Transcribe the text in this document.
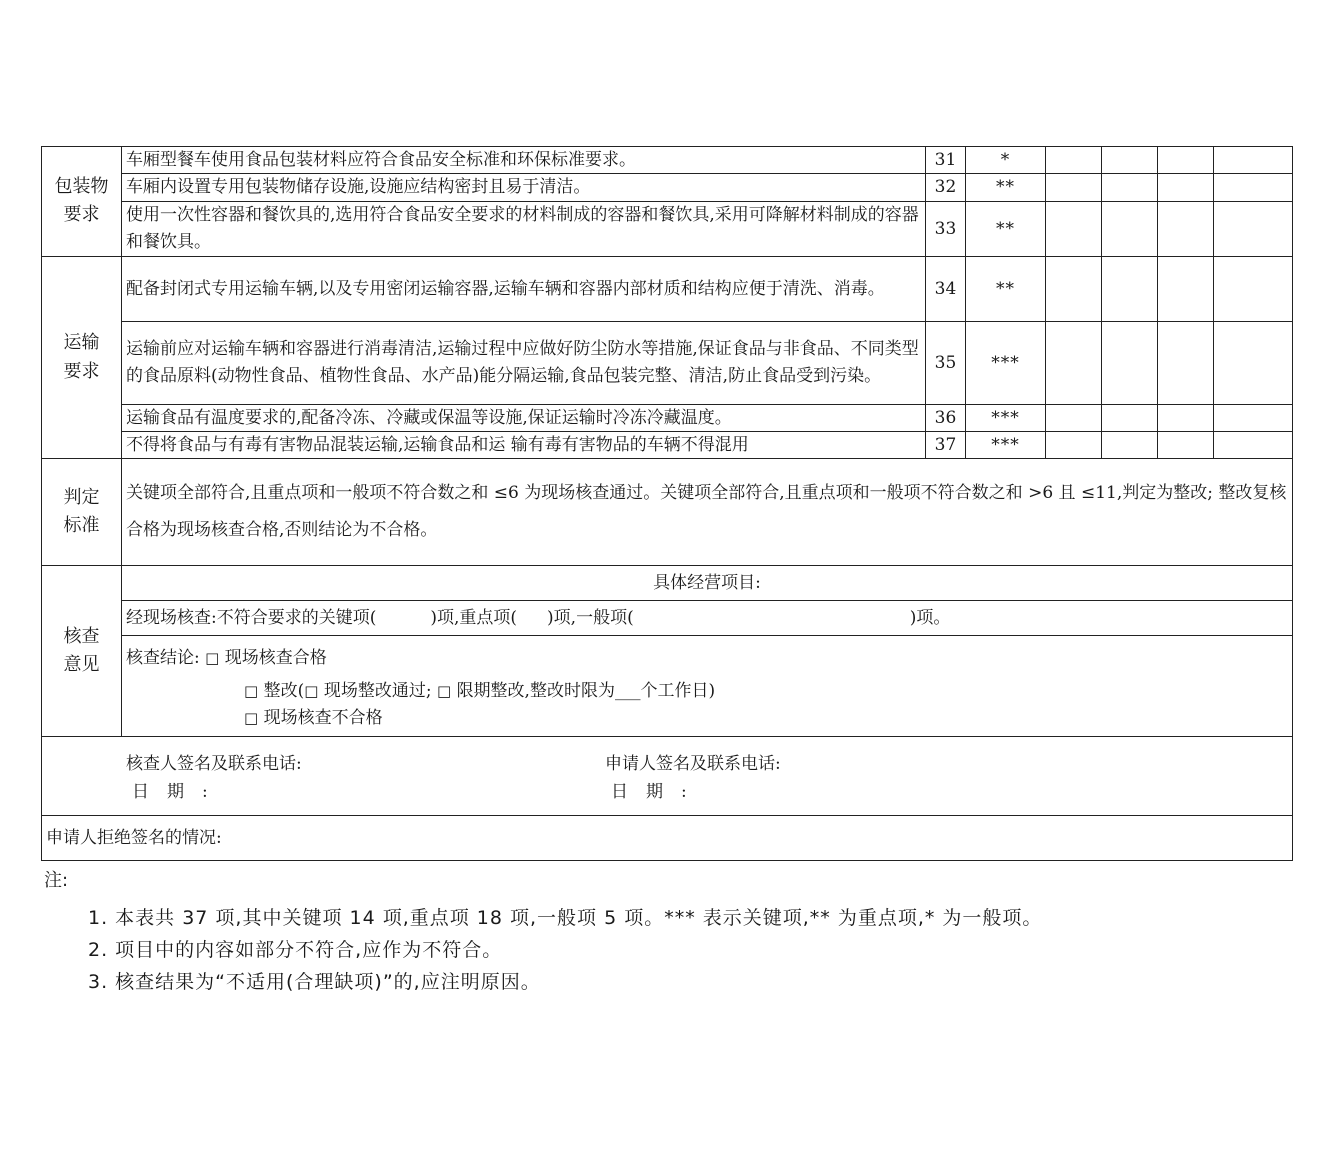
包装物
要求	车厢型餐车使用食品包装材料应符合食品安全标准和环保标准要求。	31	*				
	车厢内设置专用包装物储存设施,设施应结构密封且易于清洁。	32	**				
	使用一次性容器和餐饮具的,选用符合食品安全要求的材料制成的容器和餐饮具,采用可降解材料制成的容器和餐饮具。	33	**				
运输
要求	配备封闭式专用运输车辆,以及专用密闭运输容器,运输车辆和容器内部材质和结构应便于清洗、消毒。	34	**				
	运输前应对运输车辆和容器进行消毒清洁,运输过程中应做好防尘防水等措施,保证食品与非食品、不同类型的食品原料(动物性食品、植物性食品、水产品)能分隔运输,食品包装完整、清洁,防止食品受到污染。	35	***				
	运输食品有温度要求的,配备冷冻、冷藏或保温等设施,保证运输时冷冻冷藏温度。	36	***				
	不得将食品与有毒有害物品混装运输,运输食品和运 输有毒有害物品的车辆不得混用	37	***				
判定
标准	关键项全部符合,且重点项和一般项不符合数之和 ≤6 为现场核查通过。关键项全部符合,且重点项和一般项不符合数之和 >6 且 ≤11,判定为整改; 整改复核合格为现场核查合格,否则结论为不合格。						
核查
意见	具体经营项目:						
	经现场核查:不符合要求的关键项( )项,重点项( )项,一般项( )项。						

	核查结论: □ 现场核查合格
□ 整改(□ 现场整改通过; □ 限期整改,整改时限为___个工作日)
□ 现场核查不合格						

核查人签名及联系电话:
日期:
申请人签名及联系电话:
日期:							

申请人拒绝签名的情况:							
注:
1. 本表共 37 项,其中关键项 14 项,重点项 18 项,一般项 5 项。*** 表示关键项,** 为重点项,* 为一般项。
2. 项目中的内容如部分不符合,应作为不符合。
3. 核查结果为“不适用(合理缺项)”的,应注明原因。
